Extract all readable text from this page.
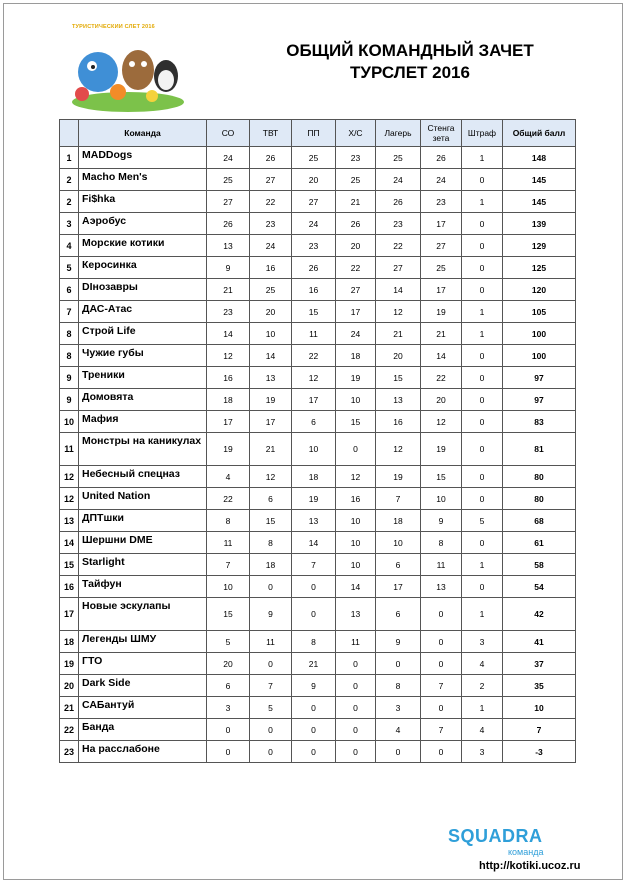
ТУРИСТИЧЕСКИЙ СЛЁТ 2016
ОБЩИЙ КОМАНДНЫЙ ЗАЧЕТ
ТУРСЛЕТ 2016
	Команда	СО	ТВТ	ПП	Х/С	Лагерь	Стенга зета	Штраф	Общий балл
1	MADDogs	24	26	25	23	25	26	1	148
2	Macho Men's	25	27	20	25	24	24	0	145
2	Fi$hka	27	22	27	21	26	23	1	145
3	Аэробус	26	23	24	26	23	17	0	139
4	Морские котики	13	24	23	20	22	27	0	129
5	Керосинка	9	16	26	22	27	25	0	125
6	DIнозавры	21	25	16	27	14	17	0	120
7	ДАС-Атас	23	20	15	17	12	19	1	105
8	Строй Life	14	10	11	24	21	21	1	100
8	Чужие губы	12	14	22	18	20	14	0	100
9	Треники	16	13	12	19	15	22	0	97
9	Домовята	18	19	17	10	13	20	0	97
10	Мафия	17	17	6	15	16	12	0	83
11	Монстры на каникулах	19	21	10	0	12	19	0	81
12	Небесный спецназ	4	12	18	12	19	15	0	80
12	United Nation	22	6	19	16	7	10	0	80
13	ДПТшки	8	15	13	10	18	9	5	68
14	Шершни DME	11	8	14	10	10	8	0	61
15	Starlight	7	18	7	10	6	11	1	58
16	Тайфун	10	0	0	14	17	13	0	54
17	Новые эскулапы	15	9	0	13	6	0	1	42
18	Легенды ШМУ	5	11	8	11	9	0	3	41
19	ГТО	20	0	21	0	0	0	4	37
20	Dark Side	6	7	9	0	8	7	2	35
21	САБантуй	3	5	0	0	3	0	1	10
22	Банда	0	0	0	0	4	7	4	7
23	На расслабоне	0	0	0	0	0	0	3	-3
SQUADRA
команда
http://kotiki.ucoz.ru
